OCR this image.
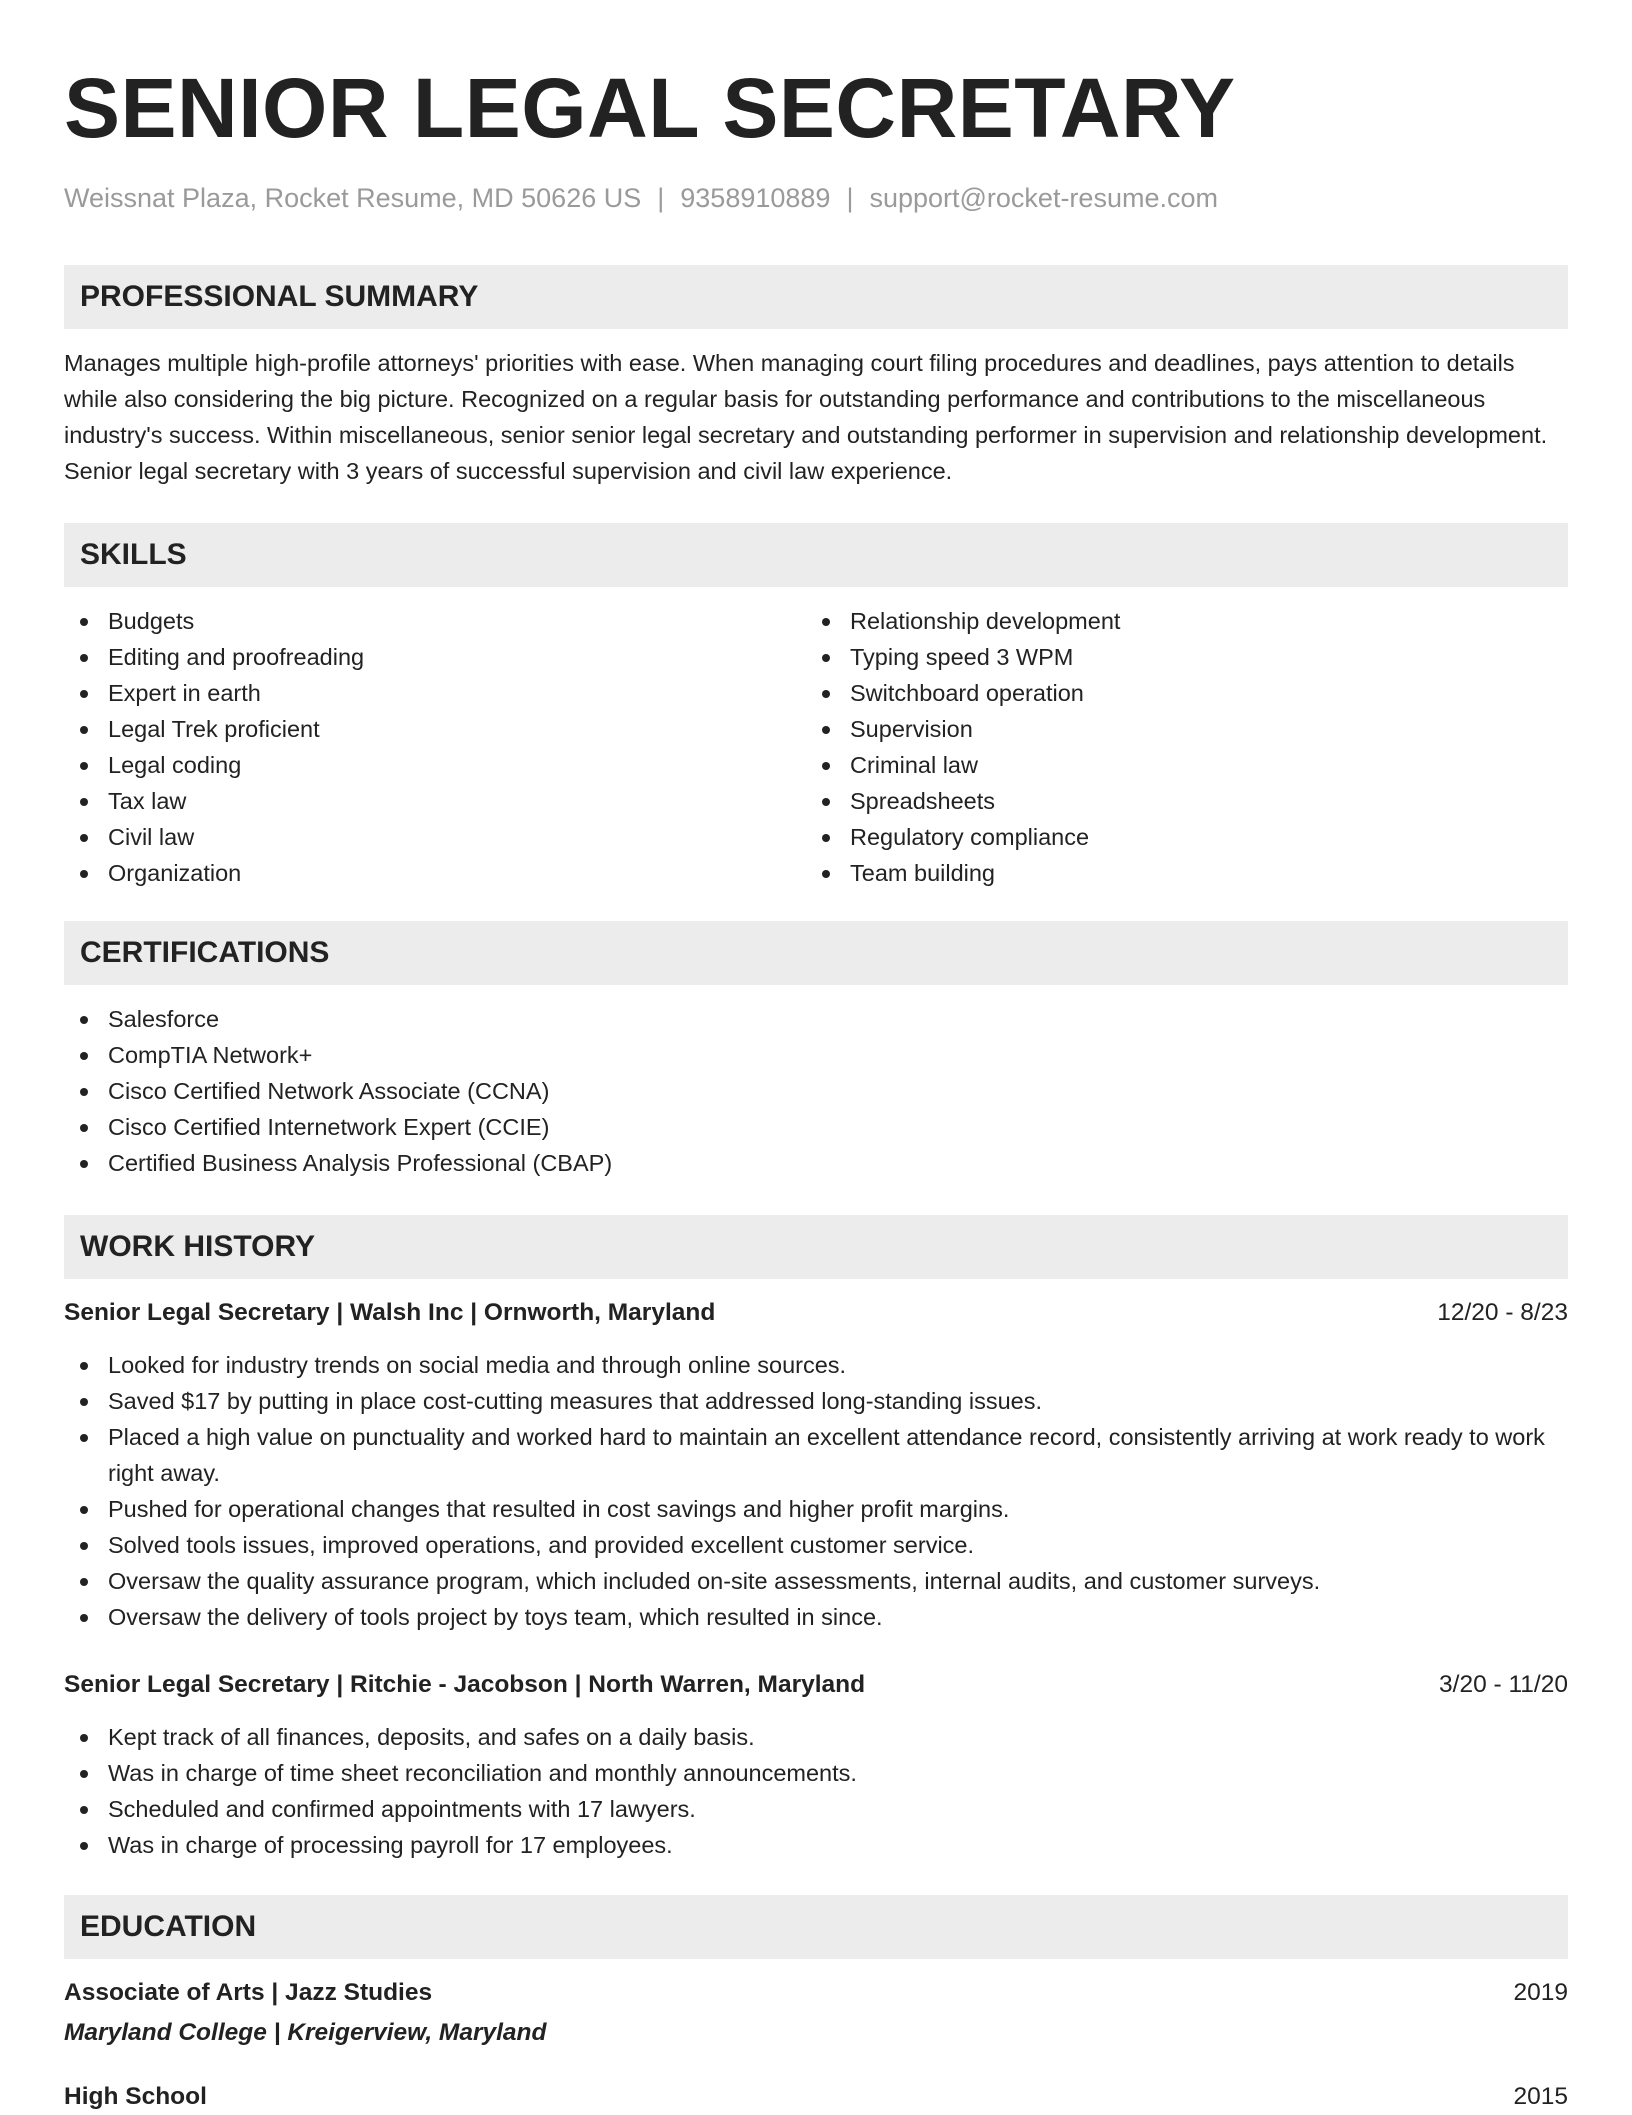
SENIOR LEGAL SECRETARY
Weissnat Plaza, Rocket Resume, MD 50626 US | 9358910889 | support@rocket-resume.com
PROFESSIONAL SUMMARY
Manages multiple high-profile attorneys' priorities with ease. When managing court filing procedures and deadlines, pays attention to details while also considering the big picture. Recognized on a regular basis for outstanding performance and contributions to the miscellaneous industry's success. Within miscellaneous, senior senior legal secretary and outstanding performer in supervision and relationship development. Senior legal secretary with 3 years of successful supervision and civil law experience.
SKILLS
Budgets
Editing and proofreading
Expert in earth
Legal Trek proficient
Legal coding
Tax law
Civil law
Organization
Relationship development
Typing speed 3 WPM
Switchboard operation
Supervision
Criminal law
Spreadsheets
Regulatory compliance
Team building
CERTIFICATIONS
Salesforce
CompTIA Network+
Cisco Certified Network Associate (CCNA)
Cisco Certified Internetwork Expert (CCIE)
Certified Business Analysis Professional (CBAP)
WORK HISTORY
Senior Legal Secretary | Walsh Inc | Ornworth, Maryland	12/20 - 8/23
Looked for industry trends on social media and through online sources.
Saved $17 by putting in place cost-cutting measures that addressed long-standing issues.
Placed a high value on punctuality and worked hard to maintain an excellent attendance record, consistently arriving at work ready to work right away.
Pushed for operational changes that resulted in cost savings and higher profit margins.
Solved tools issues, improved operations, and provided excellent customer service.
Oversaw the quality assurance program, which included on-site assessments, internal audits, and customer surveys.
Oversaw the delivery of tools project by toys team, which resulted in since.
Senior Legal Secretary | Ritchie - Jacobson | North Warren, Maryland	3/20 - 11/20
Kept track of all finances, deposits, and safes on a daily basis.
Was in charge of time sheet reconciliation and monthly announcements.
Scheduled and confirmed appointments with 17 lawyers.
Was in charge of processing payroll for 17 employees.
EDUCATION
Associate of Arts | Jazz Studies	2019
Maryland College | Kreigerview, Maryland
High School	2015
